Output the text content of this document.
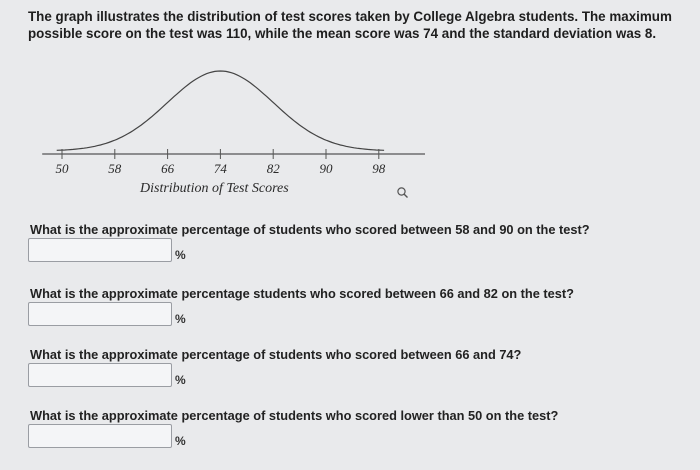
The graph illustrates the distribution of test scores taken by College Algebra students. The maximum possible score on the test was 110, while the mean score was 74 and the standard deviation was 8.
50	58	66	74	82	90	98
Distribution of Test Scores
What is the approximate percentage of students who scored between 58 and 90 on the test?
%
What is the approximate percentage students who scored between 66 and 82 on the test?
%
What is the approximate percentage of students who scored between 66 and 74?
%
What is the approximate percentage of students who scored lower than 50 on the test?
%
